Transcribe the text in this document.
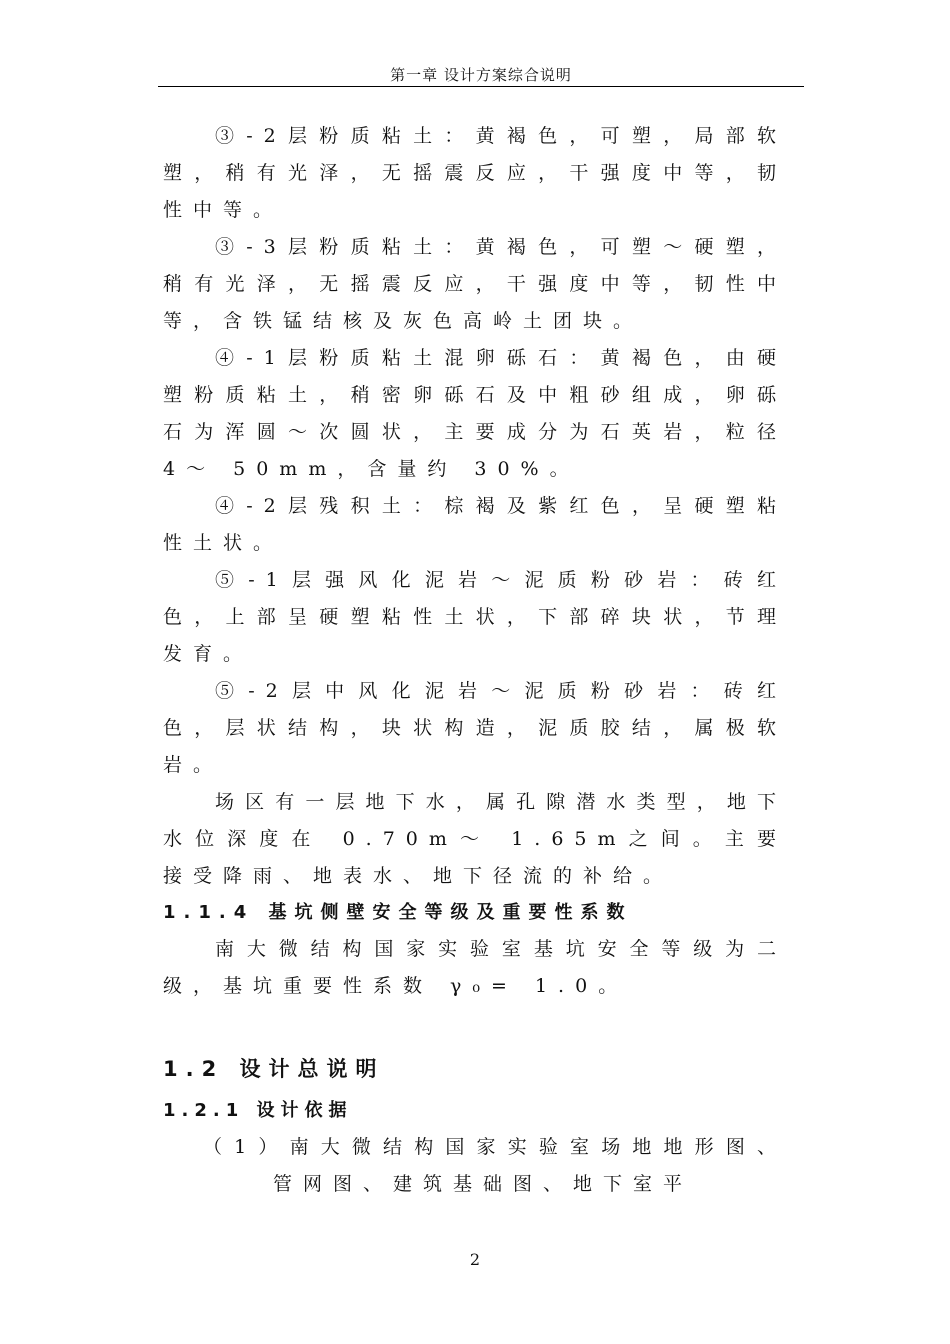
第一章 设计方案综合说明

③-2层粉质粘土：黄褐色，可塑，局部软塑，稍有光泽，无摇震反应，干强度中等，韧性中等。

③-3层粉质粘土：黄褐色，可塑～硬塑，稍有光泽，无摇震反应，干强度中等，韧性中等，含铁锰结核及灰色高岭土团块。

④-1层粉质粘土混卵砾石：黄褐色，由硬塑粉质粘土，稍密卵砾石及中粗砂组成，卵砾石为浑圆～次圆状，主要成分为石英岩，粒径 4～ 50mm，含量约 30%。

④-2层残积土：棕褐及紫红色，呈硬塑粘性土状。

⑤-1层强风化泥岩～泥质粉砂岩：砖红色，上部呈硬塑粘性土状，下部碎块状，节理发育。

⑤-2层中风化泥岩～泥质粉砂岩：砖红色，层状结构，块状构造，泥质胶结，属极软岩。

场区有一层地下水，属孔隙潜水类型，地下水位深度在 0.70m～ 1.65m之间。主要接受降雨、地表水、地下径流的补给。

1.1.4 基坑侧壁安全等级及重要性系数

南大微结构国家实验室基坑安全等级为二级，基坑重要性系数 γ₀= 1.0。

1.2 设计总说明
1.2.1 设计依据

（1）南大微结构国家实验室场地地形图、管网图、建筑基础图、地下室平

2
